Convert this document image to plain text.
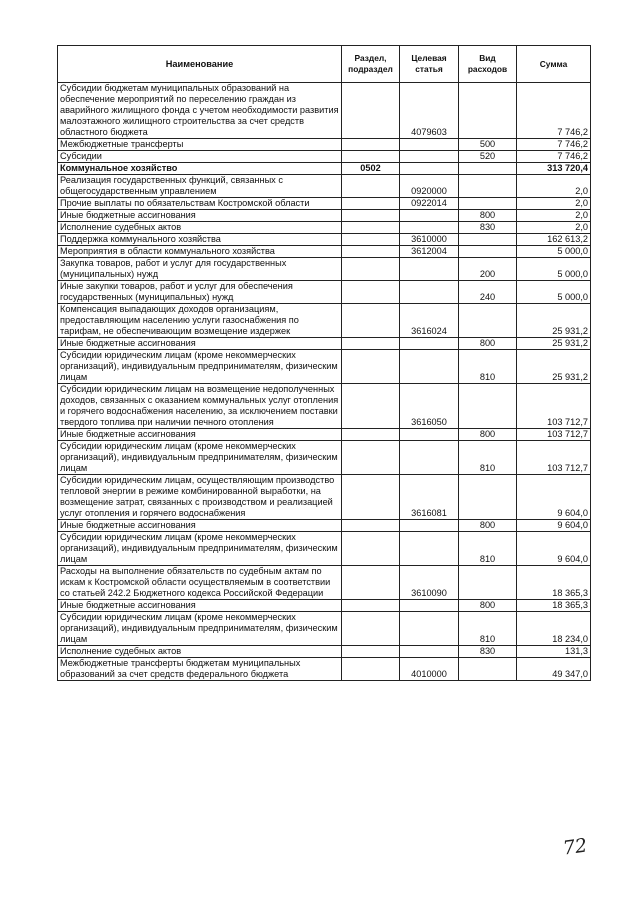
Наименование	Раздел, подраздел	Целевая статья	Вид расходов	Сумма
Субсидии бюджетам муниципальных образований на обеспечение мероприятий по переселению граждан из аварийного жилищного фонда с учетом необходимости развития малоэтажного жилищного строительства за счет средств областного бюджета		4079603		7 746,2
Межбюджетные трансферты			500	7 746,2
Субсидии			520	7 746,2
Коммунальное хозяйство	0502			313 720,4
Реализация государственных функций, связанных с общегосударственным управлением		0920000		2,0
Прочие выплаты по обязательствам Костромской области		0922014		2,0
Иные бюджетные ассигнования			800	2,0
Исполнение судебных актов			830	2,0
Поддержка коммунального хозяйства		3610000		162 613,2
Мероприятия в области коммунального хозяйства		3612004		5 000,0
Закупка товаров, работ и услуг для государственных (муниципальных) нужд			200	5 000,0
Иные закупки товаров, работ и услуг для обеспечения государственных (муниципальных) нужд			240	5 000,0
Компенсация выпадающих доходов организациям, предоставляющим населению услуги газоснабжения по тарифам, не обеспечивающим возмещение издержек		3616024		25 931,2
Иные бюджетные ассигнования			800	25 931,2
Субсидии юридическим лицам (кроме некоммерческих организаций), индивидуальным предпринимателям, физическим лицам			810	25 931,2
Субсидии юридическим лицам на возмещение недополученных доходов, связанных с оказанием коммунальных услуг отопления и горячего водоснабжения населению, за исключением поставки твердого топлива при наличии печного отопления		3616050		103 712,7
Иные бюджетные ассигнования			800	103 712,7
Субсидии юридическим лицам (кроме некоммерческих организаций), индивидуальным предпринимателям, физическим лицам			810	103 712,7
Субсидии юридическим лицам, осуществляющим производство тепловой энергии в режиме комбинированной выработки, на возмещение затрат, связанных с производством и реализацией услуг отопления и горячего водоснабжения		3616081		9 604,0
Иные бюджетные ассигнования			800	9 604,0
Субсидии юридическим лицам (кроме некоммерческих организаций), индивидуальным предпринимателям, физическим лицам			810	9 604,0
Расходы на выполнение обязательств по судебным актам по искам к Костромской области осуществляемым в соответствии со статьей 242.2 Бюджетного кодекса Российской Федерации		3610090		18 365,3
Иные бюджетные ассигнования			800	18 365,3
Субсидии юридическим лицам (кроме некоммерческих организаций), индивидуальным предпринимателям, физическим лицам			810	18 234,0
Исполнение судебных актов			830	131,3
Межбюджетные трансферты бюджетам муниципальных образований за счет средств федерального бюджета		4010000		49 347,0
72
